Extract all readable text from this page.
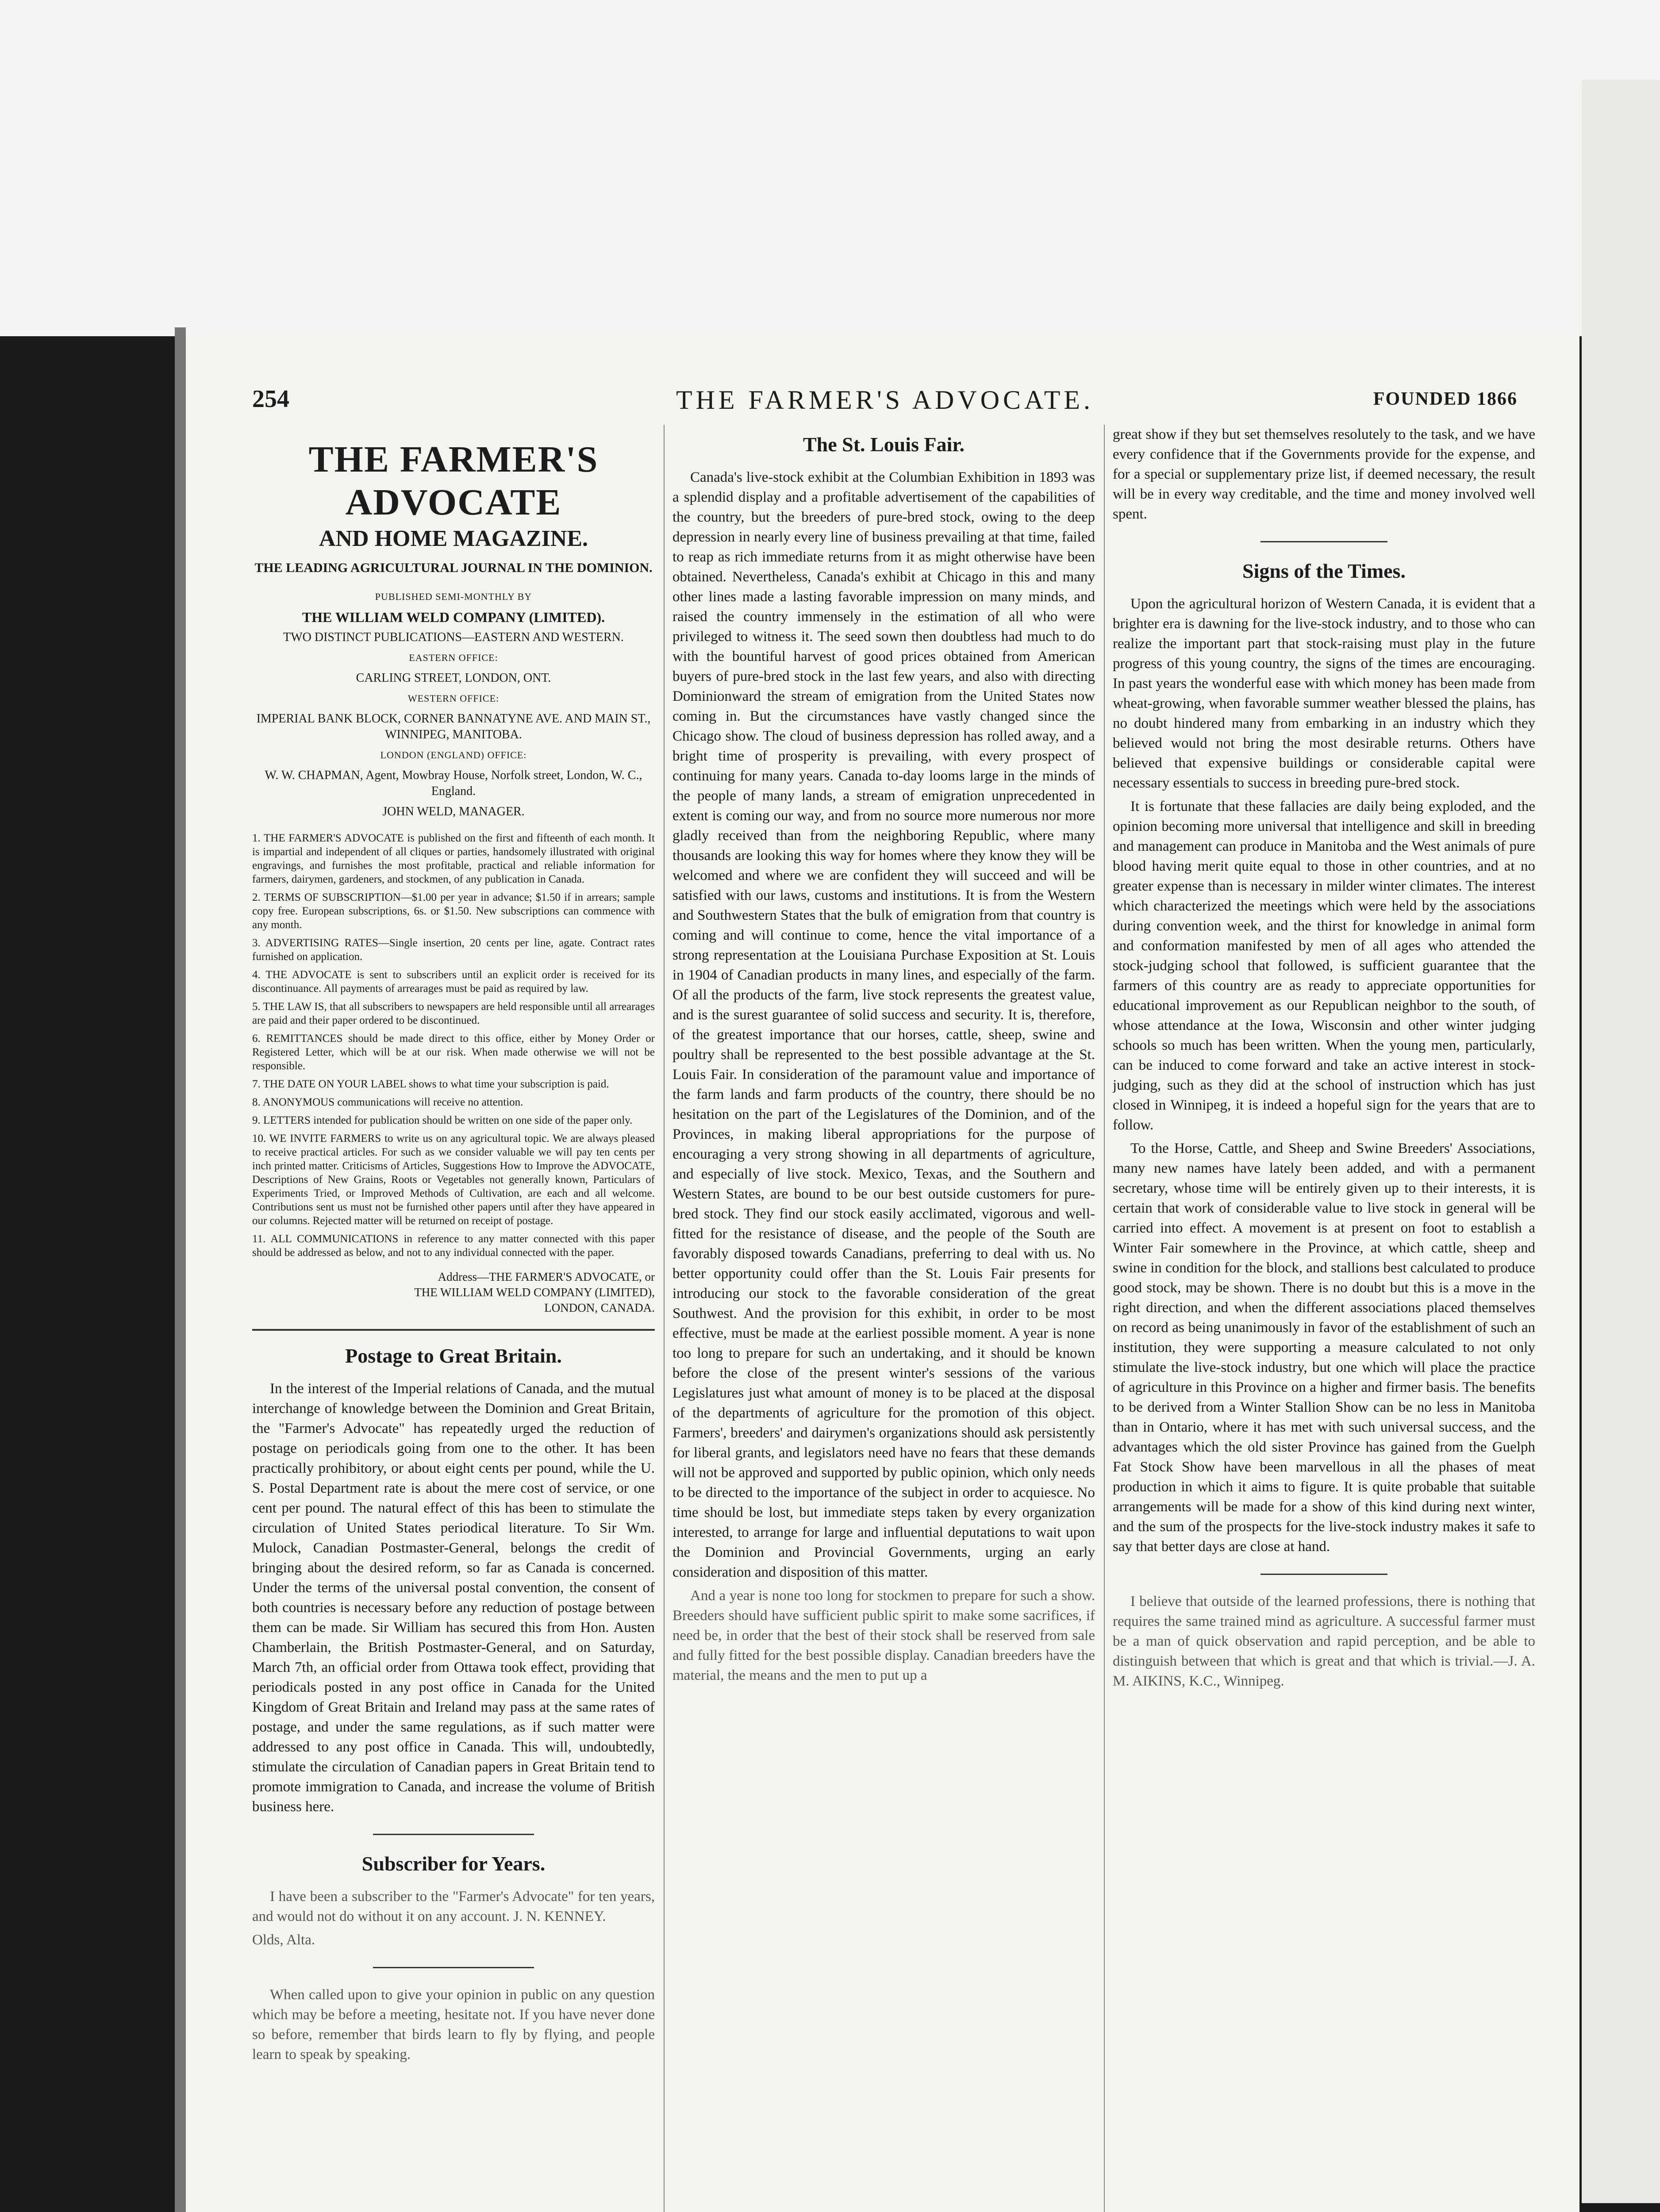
254	THE FARMER'S ADVOCATE.	FOUNDED 1866
THE FARMER'S ADVOCATE
AND HOME MAGAZINE.
THE LEADING AGRICULTURAL JOURNAL IN THE DOMINION.
PUBLISHED SEMI-MONTHLY BY
THE WILLIAM WELD COMPANY (LIMITED).
TWO DISTINCT PUBLICATIONS—EASTERN AND WESTERN.
EASTERN OFFICE:
CARLING STREET, LONDON, ONT.
WESTERN OFFICE:
IMPERIAL BANK BLOCK, CORNER BANNATYNE AVE. AND MAIN ST., WINNIPEG, MANITOBA.
LONDON (ENGLAND) OFFICE:
W. W. CHAPMAN, Agent, Mowbray House, Norfolk street, London, W. C., England.
JOHN WELD, MANAGER.
1. THE FARMER'S ADVOCATE is published on the first and fifteenth of each month. It is impartial and independent of all cliques or parties, handsomely illustrated with original engravings, and furnishes the most profitable, practical and reliable information for farmers, dairymen, gardeners, and stockmen, of any publication in Canada.
2. TERMS OF SUBSCRIPTION—$1.00 per year in advance; $1.50 if in arrears; sample copy free. European subscriptions, 6s. or $1.50. New subscriptions can commence with any month.
3. ADVERTISING RATES—Single insertion, 20 cents per line, agate. Contract rates furnished on application.
4. THE ADVOCATE is sent to subscribers until an explicit order is received for its discontinuance. All payments of arrearages must be paid as required by law.
5. THE LAW IS, that all subscribers to newspapers are held responsible until all arrearages are paid and their paper ordered to be discontinued.
6. REMITTANCES should be made direct to this office, either by Money Order or Registered Letter, which will be at our risk. When made otherwise we will not be responsible.
7. THE DATE ON YOUR LABEL shows to what time your subscription is paid.
8. ANONYMOUS communications will receive no attention.
9. LETTERS intended for publication should be written on one side of the paper only.
10. WE INVITE FARMERS to write us on any agricultural topic. We are always pleased to receive practical articles. For such as we consider valuable we will pay ten cents per inch printed matter. Criticisms of Articles, Suggestions How to Improve the ADVOCATE, Descriptions of New Grains, Roots or Vegetables not generally known, Particulars of Experiments Tried, or Improved Methods of Cultivation, are each and all welcome. Contributions sent us must not be furnished other papers until after they have appeared in our columns. Rejected matter will be returned on receipt of postage.
11. ALL COMMUNICATIONS in reference to any matter connected with this paper should be addressed as below, and not to any individual connected with the paper.
Address—THE FARMER'S ADVOCATE, or
THE WILLIAM WELD COMPANY (LIMITED),
LONDON, CANADA.
Postage to Great Britain.

In the interest of the Imperial relations of Canada, and the mutual interchange of knowledge between the Dominion and Great Britain, the "Farmer's Advocate" has repeatedly urged the reduction of postage on periodicals going from one to the other. It has been practically prohibitory, or about eight cents per pound, while the U. S. Postal Department rate is about the mere cost of service, or one cent per pound. The natural effect of this has been to stimulate the circulation of United States periodical literature. To Sir Wm. Mulock, Canadian Postmaster-General, belongs the credit of bringing about the desired reform, so far as Canada is concerned. Under the terms of the universal postal convention, the consent of both countries is necessary before any reduction of postage between them can be made. Sir William has secured this from Hon. Austen Chamberlain, the British Postmaster-General, and on Saturday, March 7th, an official order from Ottawa took effect, providing that periodicals posted in any post office in Canada for the United Kingdom of Great Britain and Ireland may pass at the same rates of postage, and under the same regulations, as if such matter were addressed to any post office in Canada. This will, undoubtedly, stimulate the circulation of Canadian papers in Great Britain tend to promote immigration to Canada, and increase the volume of British business here.

Subscriber for Years.

I have been a subscriber to the "Farmer's Advocate" for ten years, and would not do without it on any account. J. N. KENNEY.

Olds, Alta.

When called upon to give your opinion in public on any question which may be before a meeting, hesitate not. If you have never done so before, remember that birds learn to fly by flying, and people learn to speak by speaking.

The St. Louis Fair.

Canada's live-stock exhibit at the Columbian Exhibition in 1893 was a splendid display and a profitable advertisement of the capabilities of the country, but the breeders of pure-bred stock, owing to the deep depression in nearly every line of business prevailing at that time, failed to reap as rich immediate returns from it as might otherwise have been obtained. Nevertheless, Canada's exhibit at Chicago in this and many other lines made a lasting favorable impression on many minds, and raised the country immensely in the estimation of all who were privileged to witness it. The seed sown then doubtless had much to do with the bountiful harvest of good prices obtained from American buyers of pure-bred stock in the last few years, and also with directing Dominionward the stream of emigration from the United States now coming in. But the circumstances have vastly changed since the Chicago show. The cloud of business depression has rolled away, and a bright time of prosperity is prevailing, with every prospect of continuing for many years. Canada to-day looms large in the minds of the people of many lands, a stream of emigration unprecedented in extent is coming our way, and from no source more numerous nor more gladly received than from the neighboring Republic, where many thousands are looking this way for homes where they know they will be welcomed and where we are confident they will succeed and will be satisfied with our laws, customs and institutions. It is from the Western and Southwestern States that the bulk of emigration from that country is coming and will continue to come, hence the vital importance of a strong representation at the Louisiana Purchase Exposition at St. Louis in 1904 of Canadian products in many lines, and especially of the farm. Of all the products of the farm, live stock represents the greatest value, and is the surest guarantee of solid success and security. It is, therefore, of the greatest importance that our horses, cattle, sheep, swine and poultry shall be represented to the best possible advantage at the St. Louis Fair. In consideration of the paramount value and importance of the farm lands and farm products of the country, there should be no hesitation on the part of the Legislatures of the Dominion, and of the Provinces, in making liberal appropriations for the purpose of encouraging a very strong showing in all departments of agriculture, and especially of live stock. Mexico, Texas, and the Southern and Western States, are bound to be our best outside customers for pure-bred stock. They find our stock easily acclimated, vigorous and well-fitted for the resistance of disease, and the people of the South are favorably disposed towards Canadians, preferring to deal with us. No better opportunity could offer than the St. Louis Fair presents for introducing our stock to the favorable consideration of the great Southwest. And the provision for this exhibit, in order to be most effective, must be made at the earliest possible moment. A year is none too long to prepare for such an undertaking, and it should be known before the close of the present winter's sessions of the various Legislatures just what amount of money is to be placed at the disposal of the departments of agriculture for the promotion of this object. Farmers', breeders' and dairymen's organizations should ask persistently for liberal grants, and legislators need have no fears that these demands will not be approved and supported by public opinion, which only needs to be directed to the importance of the subject in order to acquiesce. No time should be lost, but immediate steps taken by every organization interested, to arrange for large and influential deputations to wait upon the Dominion and Provincial Governments, urging an early consideration and disposition of this matter.

And a year is none too long for stockmen to prepare for such a show. Breeders should have sufficient public spirit to make some sacrifices, if need be, in order that the best of their stock shall be reserved from sale and fully fitted for the best possible display. Canadian breeders have the material, the means and the men to put up a

great show if they but set themselves resolutely to the task, and we have every confidence that if the Governments provide for the expense, and for a special or supplementary prize list, if deemed necessary, the result will be in every way creditable, and the time and money involved well spent.

Signs of the Times.

Upon the agricultural horizon of Western Canada, it is evident that a brighter era is dawning for the live-stock industry, and to those who can realize the important part that stock-raising must play in the future progress of this young country, the signs of the times are encouraging. In past years the wonderful ease with which money has been made from wheat-growing, when favorable summer weather blessed the plains, has no doubt hindered many from embarking in an industry which they believed would not bring the most desirable returns. Others have believed that expensive buildings or considerable capital were necessary essentials to success in breeding pure-bred stock.

It is fortunate that these fallacies are daily being exploded, and the opinion becoming more universal that intelligence and skill in breeding and management can produce in Manitoba and the West animals of pure blood having merit quite equal to those in other countries, and at no greater expense than is necessary in milder winter climates. The interest which characterized the meetings which were held by the associations during convention week, and the thirst for knowledge in animal form and conformation manifested by men of all ages who attended the stock-judging school that followed, is sufficient guarantee that the farmers of this country are as ready to appreciate opportunities for educational improvement as our Republican neighbor to the south, of whose attendance at the Iowa, Wisconsin and other winter judging schools so much has been written. When the young men, particularly, can be induced to come forward and take an active interest in stock-judging, such as they did at the school of instruction which has just closed in Winnipeg, it is indeed a hopeful sign for the years that are to follow.

To the Horse, Cattle, and Sheep and Swine Breeders' Associations, many new names have lately been added, and with a permanent secretary, whose time will be entirely given up to their interests, it is certain that work of considerable value to live stock in general will be carried into effect. A movement is at present on foot to establish a Winter Fair somewhere in the Province, at which cattle, sheep and swine in condition for the block, and stallions best calculated to produce good stock, may be shown. There is no doubt but this is a move in the right direction, and when the different associations placed themselves on record as being unanimously in favor of the establishment of such an institution, they were supporting a measure calculated to not only stimulate the live-stock industry, but one which will place the practice of agriculture in this Province on a higher and firmer basis. The benefits to be derived from a Winter Stallion Show can be no less in Manitoba than in Ontario, where it has met with such universal success, and the advantages which the old sister Province has gained from the Guelph Fat Stock Show have been marvellous in all the phases of meat production in which it aims to figure. It is quite probable that suitable arrangements will be made for a show of this kind during next winter, and the sum of the prospects for the live-stock industry makes it safe to say that better days are close at hand.

I believe that outside of the learned professions, there is nothing that requires the same trained mind as agriculture. A successful farmer must be a man of quick observation and rapid perception, and be able to distinguish between that which is great and that which is trivial.—J. A. M. AIKINS, K.C., Winnipeg.
